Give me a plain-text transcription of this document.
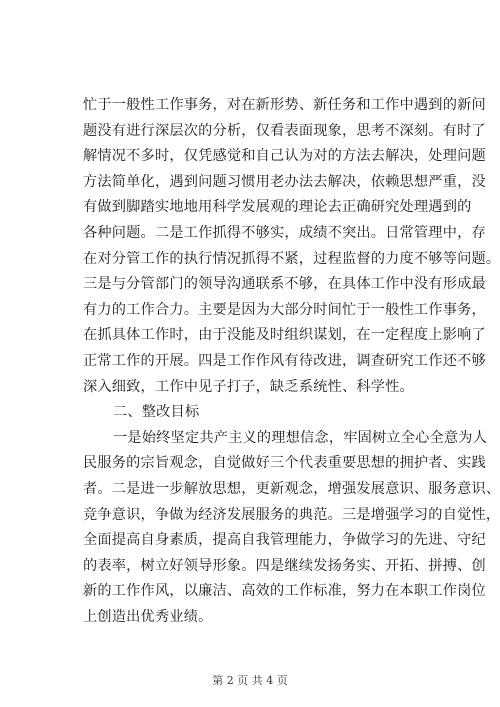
忙于一般性工作事务，对在新形势、新任务和工作中遇到的新问
题没有进行深层次的分析，仅看表面现象，思考不深刻。有时了
解情况不多时，仅凭感觉和自己认为对的方法去解决，处理问题
方法简单化，遇到问题习惯用老办法去解决，依赖思想严重，没
有做到脚踏实地地用科学发展观的理论去正确研究处理遇到的
各种问题。二是工作抓得不够实，成绩不突出。日常管理中，存
在对分管工作的执行情况抓得不紧，过程监督的力度不够等问题。
三是与分管部门的领导沟通联系不够，在具体工作中没有形成最
有力的工作合力。主要是因为大部分时间忙于一般性工作事务，
在抓具体工作时，由于没能及时组织谋划，在一定程度上影响了
正常工作的开展。四是工作作风有待改进，调查研究工作还不够
深入细致，工作中见子打子，缺乏系统性、科学性。
二、整改目标
一是始终坚定共产主义的理想信念，牢固树立全心全意为人
民服务的宗旨观念，自觉做好三个代表重要思想的拥护者、实践
者。二是进一步解放思想，更新观念，增强发展意识、服务意识、
竞争意识，争做为经济发展服务的典范。三是增强学习的自觉性，
全面提高自身素质，提高自我管理能力，争做学习的先进、守纪
的表率，树立好领导形象。四是继续发扬务实、开拓、拼搏、创
新的工作作风，以廉洁、高效的工作标准，努力在本职工作岗位
上创造出优秀业绩。
第 2 页 共 4 页
